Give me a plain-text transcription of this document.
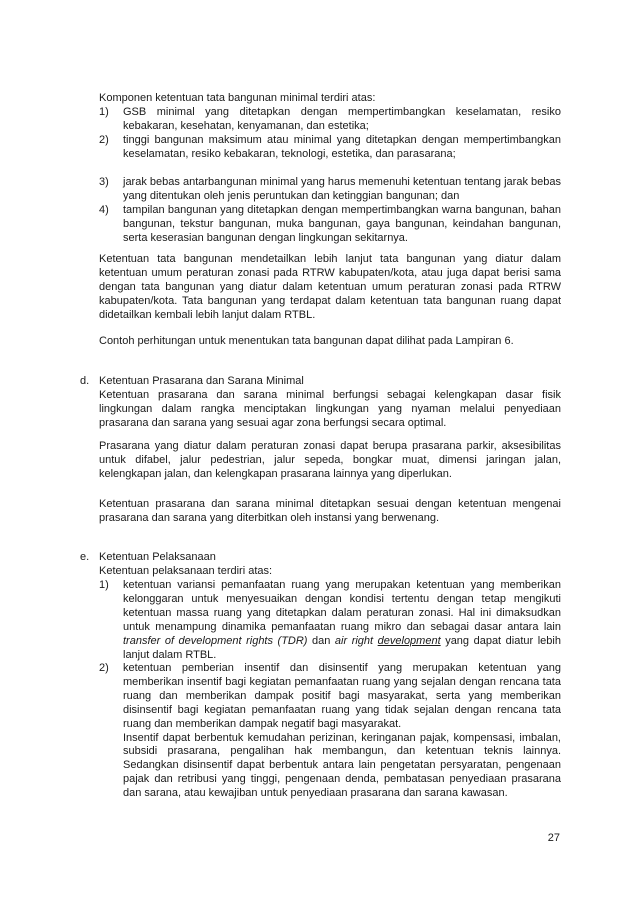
Komponen ketentuan tata bangunan minimal terdiri atas:

1) GSB minimal yang ditetapkan dengan mempertimbangkan keselamatan, resiko kebakaran, kesehatan, kenyamanan, dan estetika;
2) tinggi bangunan maksimum atau minimal yang ditetapkan dengan mempertimbangkan keselamatan, resiko kebakaran, teknologi, estetika, dan parasarana;
3) jarak bebas antarbangunan minimal yang harus memenuhi ketentuan tentang jarak bebas yang ditentukan oleh jenis peruntukan dan ketinggian bangunan; dan
4) tampilan bangunan yang ditetapkan dengan mempertimbangkan warna bangunan, bahan bangunan, tekstur bangunan, muka bangunan, gaya bangunan, keindahan bangunan, serta keserasian bangunan dengan lingkungan sekitarnya.

Ketentuan tata bangunan mendetailkan lebih lanjut tata bangunan yang diatur dalam ketentuan umum peraturan zonasi pada RTRW kabupaten/kota, atau juga dapat berisi sama dengan tata bangunan yang diatur dalam ketentuan umum peraturan zonasi pada RTRW kabupaten/kota. Tata bangunan yang terdapat dalam ketentuan tata bangunan ruang dapat didetailkan kembali lebih lanjut dalam RTBL.

Contoh perhitungan untuk menentukan tata bangunan dapat dilihat pada Lampiran 6.

d. Ketentuan Prasarana dan Sarana Minimal

Ketentuan prasarana dan sarana minimal berfungsi sebagai kelengkapan dasar fisik lingkungan dalam rangka menciptakan lingkungan yang nyaman melalui penyediaan prasarana dan sarana yang sesuai agar zona berfungsi secara optimal.

Prasarana yang diatur dalam peraturan zonasi dapat berupa prasarana parkir, aksesibilitas untuk difabel, jalur pedestrian, jalur sepeda, bongkar muat, dimensi jaringan jalan, kelengkapan jalan, dan kelengkapan prasarana lainnya yang diperlukan.

Ketentuan prasarana dan sarana minimal ditetapkan sesuai dengan ketentuan mengenai prasarana dan sarana yang diterbitkan oleh instansi yang berwenang.

e. Ketentuan Pelaksanaan

Ketentuan pelaksanaan terdiri atas:

1) ketentuan variansi pemanfaatan ruang yang merupakan ketentuan yang memberikan kelonggaran untuk menyesuaikan dengan kondisi tertentu dengan tetap mengikuti ketentuan massa ruang yang ditetapkan dalam peraturan zonasi. Hal ini dimaksudkan untuk menampung dinamika pemanfaatan ruang mikro dan sebagai dasar antara lain transfer of development rights (TDR) dan air right development yang dapat diatur lebih lanjut dalam RTBL.
2) ketentuan pemberian insentif dan disinsentif yang merupakan ketentuan yang memberikan insentif bagi kegiatan pemanfaatan ruang yang sejalan dengan rencana tata ruang dan memberikan dampak positif bagi masyarakat, serta yang memberikan disinsentif bagi kegiatan pemanfaatan ruang yang tidak sejalan dengan rencana tata ruang dan memberikan dampak negatif bagi masyarakat.
Insentif dapat berbentuk kemudahan perizinan, keringanan pajak, kompensasi, imbalan, subsidi prasarana, pengalihan hak membangun, dan ketentuan teknis lainnya. Sedangkan disinsentif dapat berbentuk antara lain pengetatan persyaratan, pengenaan pajak dan retribusi yang tinggi, pengenaan denda, pembatasan penyediaan prasarana dan sarana, atau kewajiban untuk penyediaan prasarana dan sarana kawasan.
27
